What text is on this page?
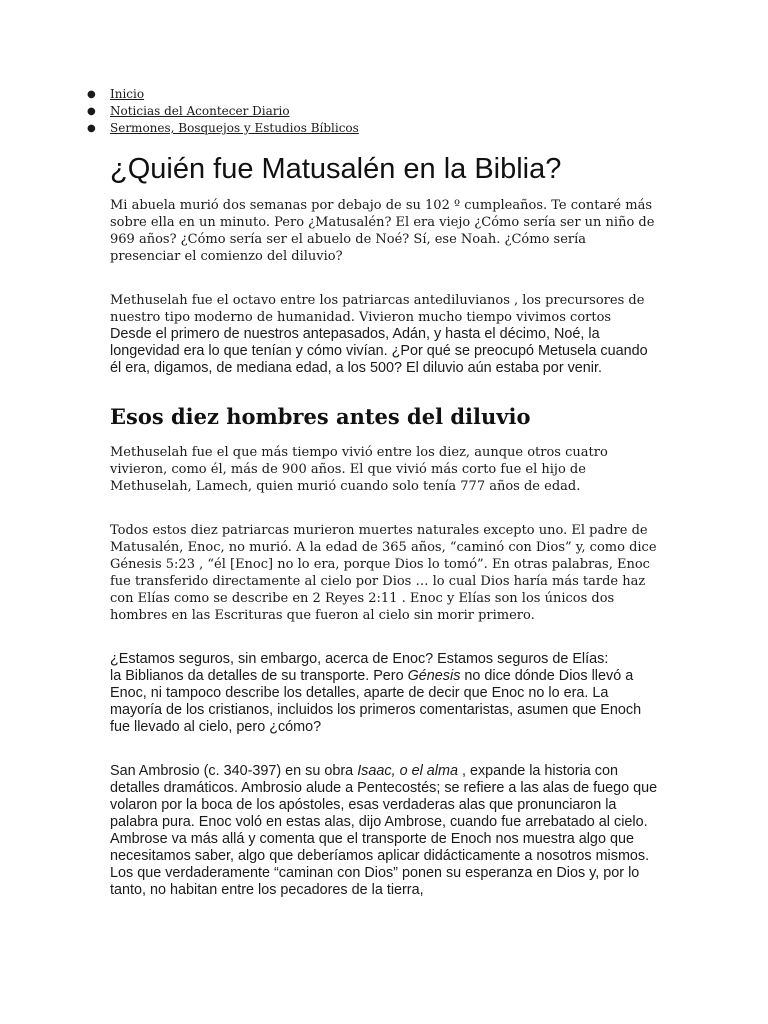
● Inicio
● Noticias del Acontecer Diario
● Sermones, Bosquejos y Estudios Bíblicos
¿Quién fue Matusalén en la Biblia?

Mi abuela murió dos semanas por debajo de su 102 º cumpleaños. Te contaré más sobre ella en un minuto. Pero ¿Matusalén? El era viejo ¿Cómo sería ser un niño de 969 años? ¿Cómo sería ser el abuelo de Noé? Sí, ese Noah. ¿Cómo sería presenciar el comienzo del diluvio?

Methuselah fue el octavo entre los patriarcas antediluvianos , los precursores de nuestro tipo moderno de humanidad. Vivieron mucho tiempo vivimos cortos
Desde el primero de nuestros antepasados, Adán, y hasta el décimo, Noé, la longevidad era lo que tenían y cómo vivían. ¿Por qué se preocupó Metusela cuando él era, digamos, de mediana edad, a los 500? El diluvio aún estaba por venir.

Esos diez hombres antes del diluvio

Methuselah fue el que más tiempo vivió entre los diez, aunque otros cuatro vivieron, como él, más de 900 años. El que vivió más corto fue el hijo de Methuselah, Lamech, quien murió cuando solo tenía 777 años de edad.

Todos estos diez patriarcas murieron muertes naturales excepto uno. El padre de Matusalén, Enoc, no murió. A la edad de 365 años, “caminó con Dios” y, como dice Génesis 5:23 , “él [Enoc] no lo era, porque Dios lo tomó”. En otras palabras, Enoc fue transferido directamente al cielo por Dios … lo cual Dios haría más tarde haz con Elías como se describe en 2 Reyes 2:11 . Enoc y Elías son los únicos dos hombres en las Escrituras que fueron al cielo sin morir primero.

¿Estamos seguros, sin embargo, acerca de Enoc? Estamos seguros de Elías:
la Biblianos da detalles de su transporte. Pero Génesis no dice dónde Dios llevó a Enoc, ni tampoco describe los detalles, aparte de decir que Enoc no lo era. La mayoría de los cristianos, incluidos los primeros comentaristas, asumen que Enoch fue llevado al cielo, pero ¿cómo?

San Ambrosio (c. 340-397) en su obra Isaac, o el alma , expande la historia con detalles dramáticos. Ambrosio alude a Pentecostés; se refiere a las alas de fuego que volaron por la boca de los apóstoles, esas verdaderas alas que pronunciaron la palabra pura. Enoc voló en estas alas, dijo Ambrose, cuando fue arrebatado al cielo. Ambrose va más allá y comenta que el transporte de Enoch nos muestra algo que necesitamos saber, algo que deberíamos aplicar didácticamente a nosotros mismos. Los que verdaderamente “caminan con Dios” ponen su esperanza en Dios y, por lo tanto, no habitan entre los pecadores de la tierra,
